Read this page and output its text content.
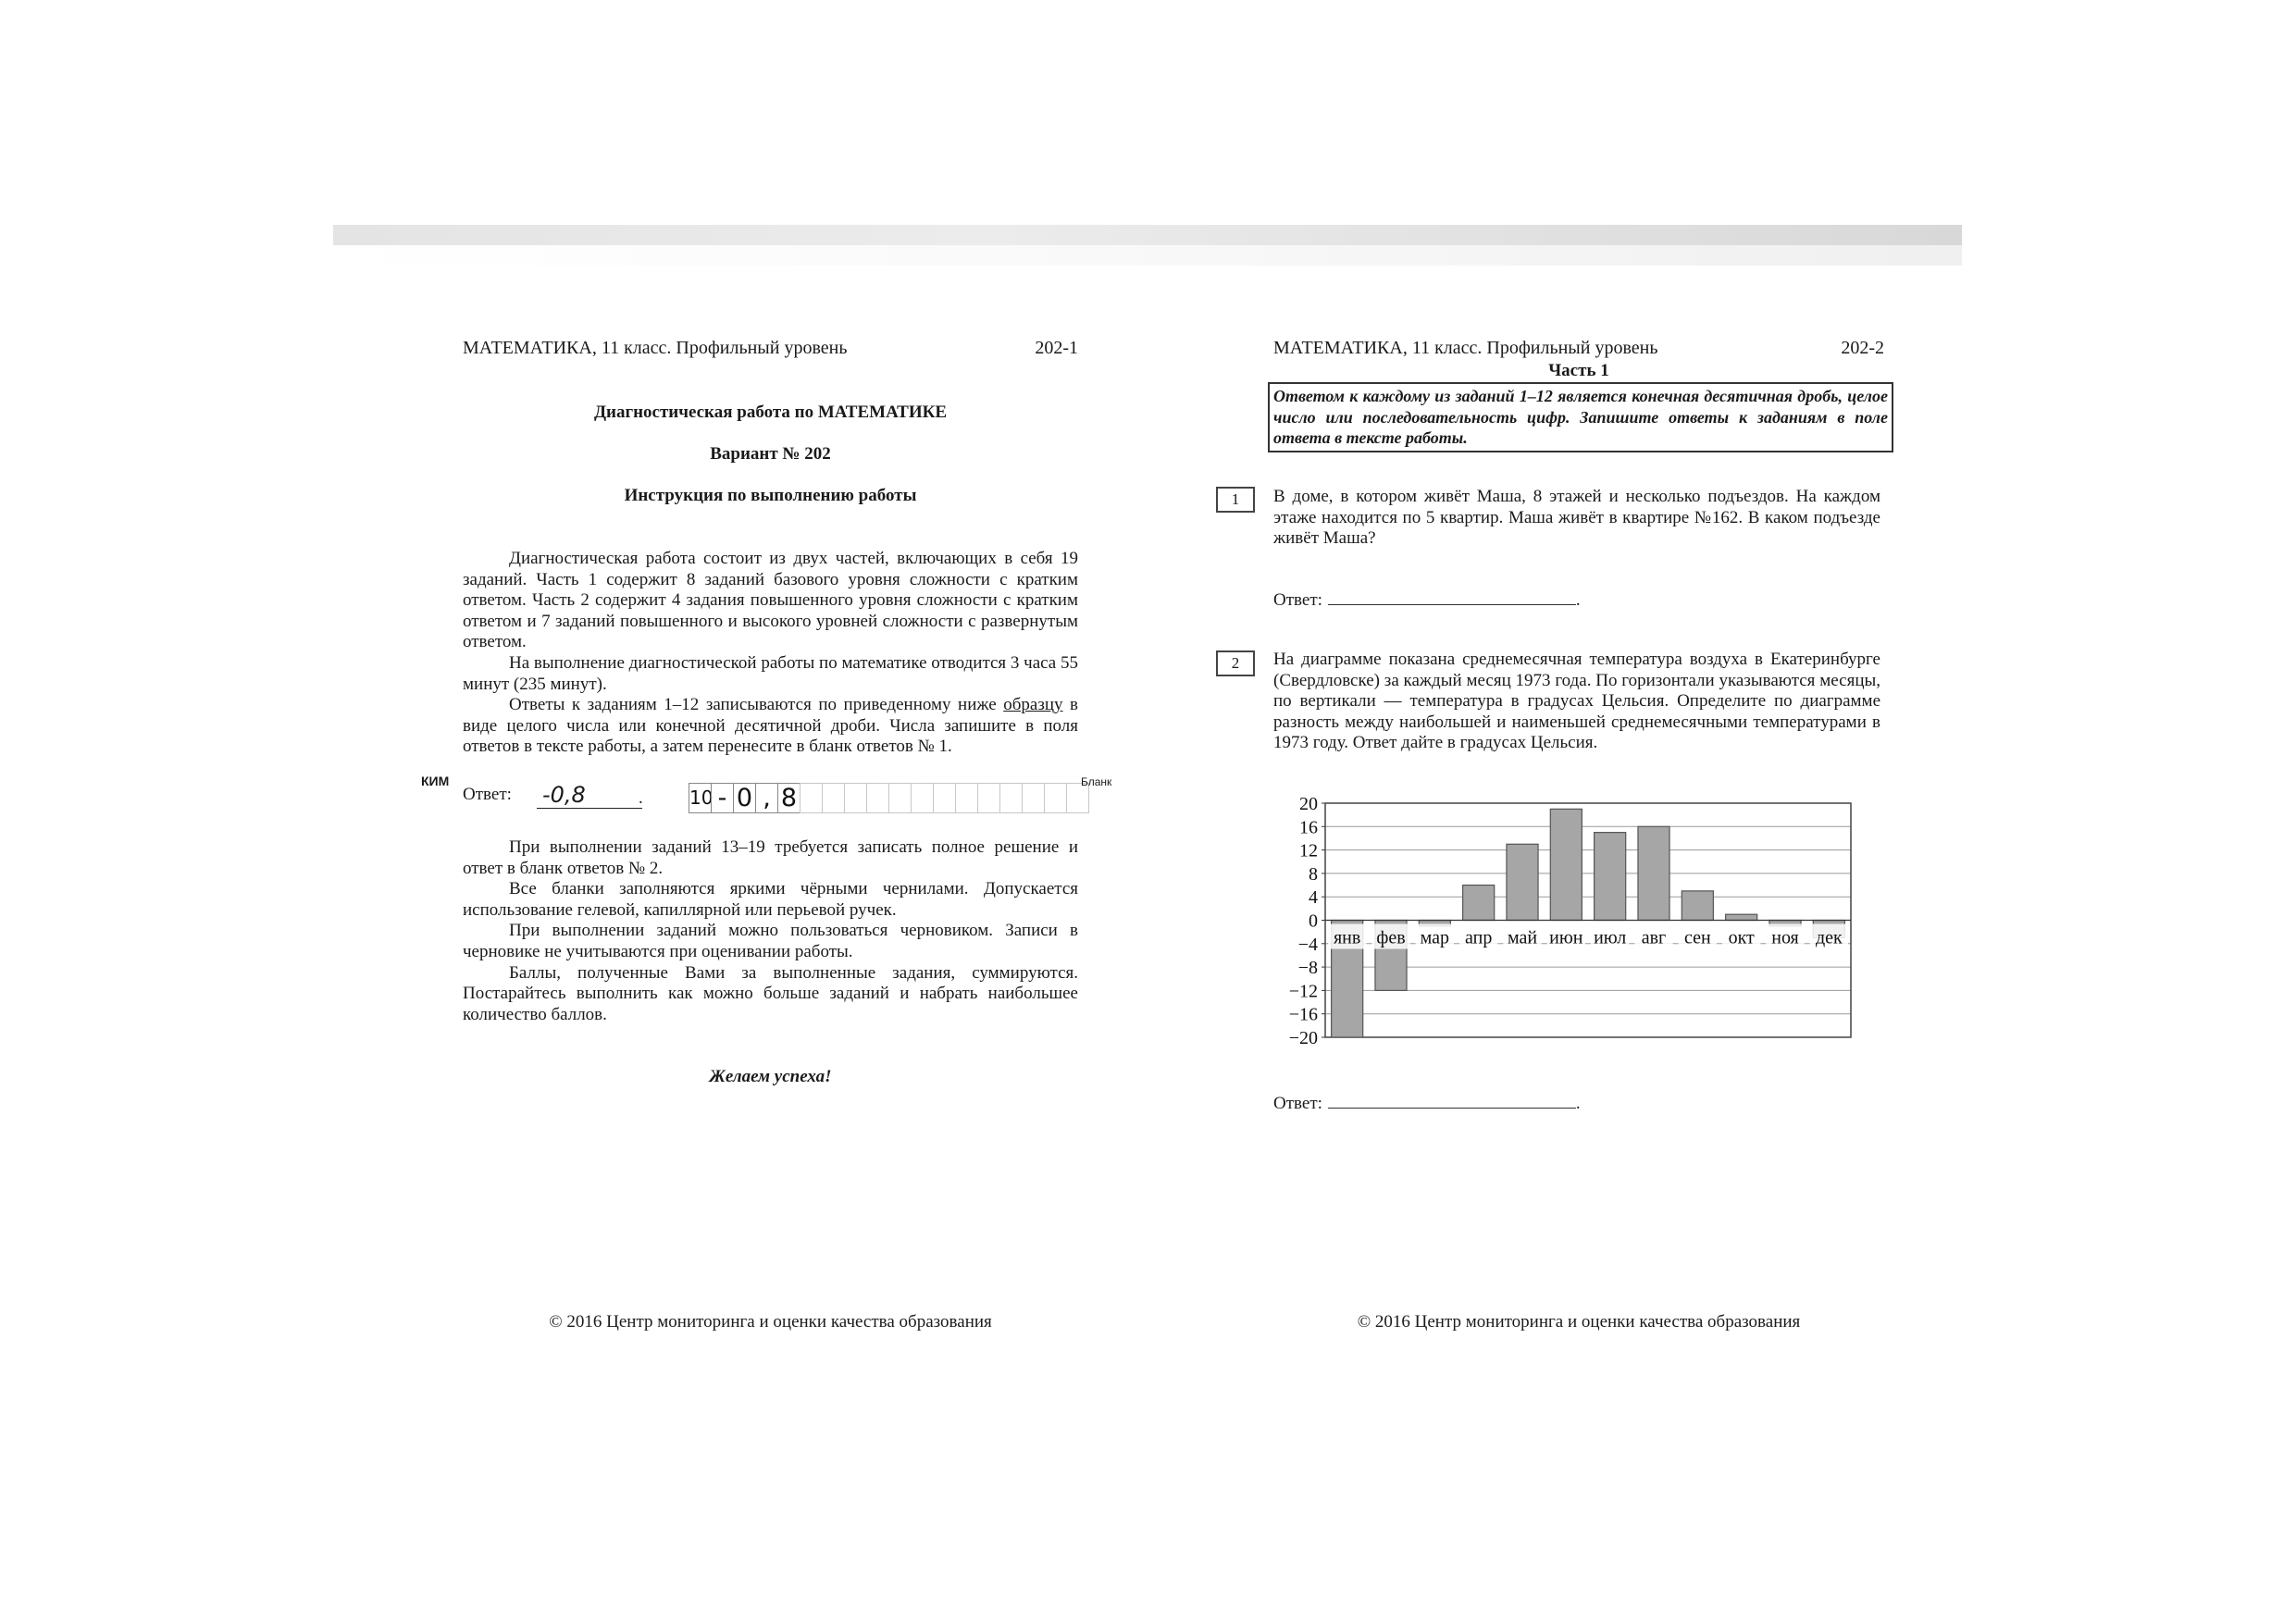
МАТЕМАТИКА, 11 класс. Профильный уровень	202-1
Диагностическая работа по МАТЕМАТИКЕ
Вариант № 202
Инструкция по выполнению работы

Диагностическая работа состоит из двух частей, включающих в себя 19 заданий. Часть 1 содержит 8 заданий базового уровня сложности с кратким ответом. Часть 2 содержит 4 задания повышенного уровня сложности с кратким ответом и 7 заданий повышенного и высокого уровней сложности с развернутым ответом.

На выполнение диагностической работы по математике отводится 3 часа 55 минут (235 минут).

Ответы к заданиям 1–12 записываются по приведенному ниже образцу в виде целого числа или конечной десятичной дроби. Числа запишите в поля ответов в тексте работы, а затем перенесите в бланк ответов № 1.

При выполнении заданий 13–19 требуется записать полное решение и ответ в бланк ответов № 2.

Все бланки заполняются яркими чёрными чернилами. Допускается использование гелевой, капиллярной или перьевой ручек.

При выполнении заданий можно пользоваться черновиком. Записи в черновике не учитываются при оценивании работы.

Баллы, полученные Вами за выполненные задания, суммируются. Постарайтесь выполнить как можно больше заданий и набрать наибольшее количество баллов.

Желаем успеха!
© 2016 Центр мониторинга и оценки качества образования
КИМ
Ответ: -0,8	.	10 - 0 , 8
Бланк
МАТЕМАТИКА, 11 класс. Профильный уровень	202-2
Часть 1
Ответом к каждому из заданий 1–12 является конечная десятичная дробь, целое число или последовательность цифр. Запишите ответы к заданиям в поле ответа в тексте работы.
1	В доме, в котором живёт Маша, 8 этажей и несколько подъездов. На каждом этаже находится по 5 квартир. Маша живёт в квартире №162. В каком подъезде живёт Маша?
Ответ:	.
2	На диаграмме показана среднемесячная температура воздуха в Екатеринбурге (Свердловске) за каждый месяц 1973 года. По горизонтали указываются месяцы, по вертикали — температура в градусах Цельсия. Определите по диаграмме разность между наибольшей и наименьшей среднемесячными температурами в 1973 году. Ответ дайте в градусах Цельсия.
Ответ:	.
© 2016 Центр мониторинга и оценки качества образования
20
16
12
8
4
0
−4
−8
−12
−16
−20
янв фев мар апр май июн июл авг сен окт ноя дек
